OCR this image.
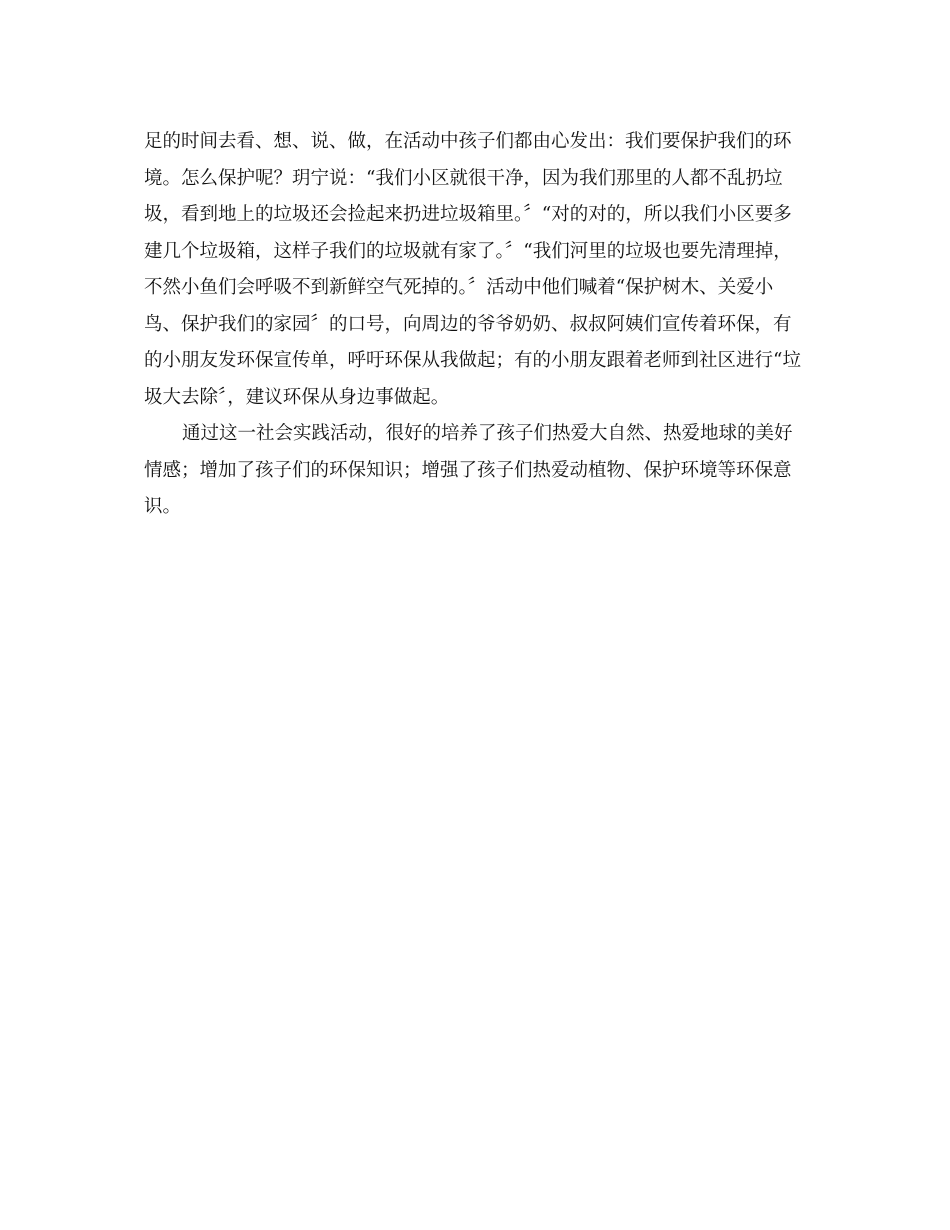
足的时间去看、想、说、做，在活动中孩子们都由心发出：我们要保护我们的环
境。怎么保护呢？玥宁说：“我们小区就很干净，因为我们那里的人都不乱扔垃
圾，看到地上的垃圾还会捡起来扔进垃圾箱里。〞“对的对的，所以我们小区要多
建几个垃圾箱，这样子我们的垃圾就有家了。〞“我们河里的垃圾也要先清理掉，
不然小鱼们会呼吸不到新鲜空气死掉的。〞活动中他们喊着“保护树木、关爱小
鸟、保护我们的家园〞的口号，向周边的爷爷奶奶、叔叔阿姨们宣传着环保，有
的小朋友发环保宣传单，呼吁环保从我做起；有的小朋友跟着老师到社区进行“垃
圾大去除〞，建议环保从身边事做起。
通过这一社会实践活动，很好的培养了孩子们热爱大自然、热爱地球的美好
情感；增加了孩子们的环保知识；增强了孩子们热爱动植物、保护环境等环保意
识。
